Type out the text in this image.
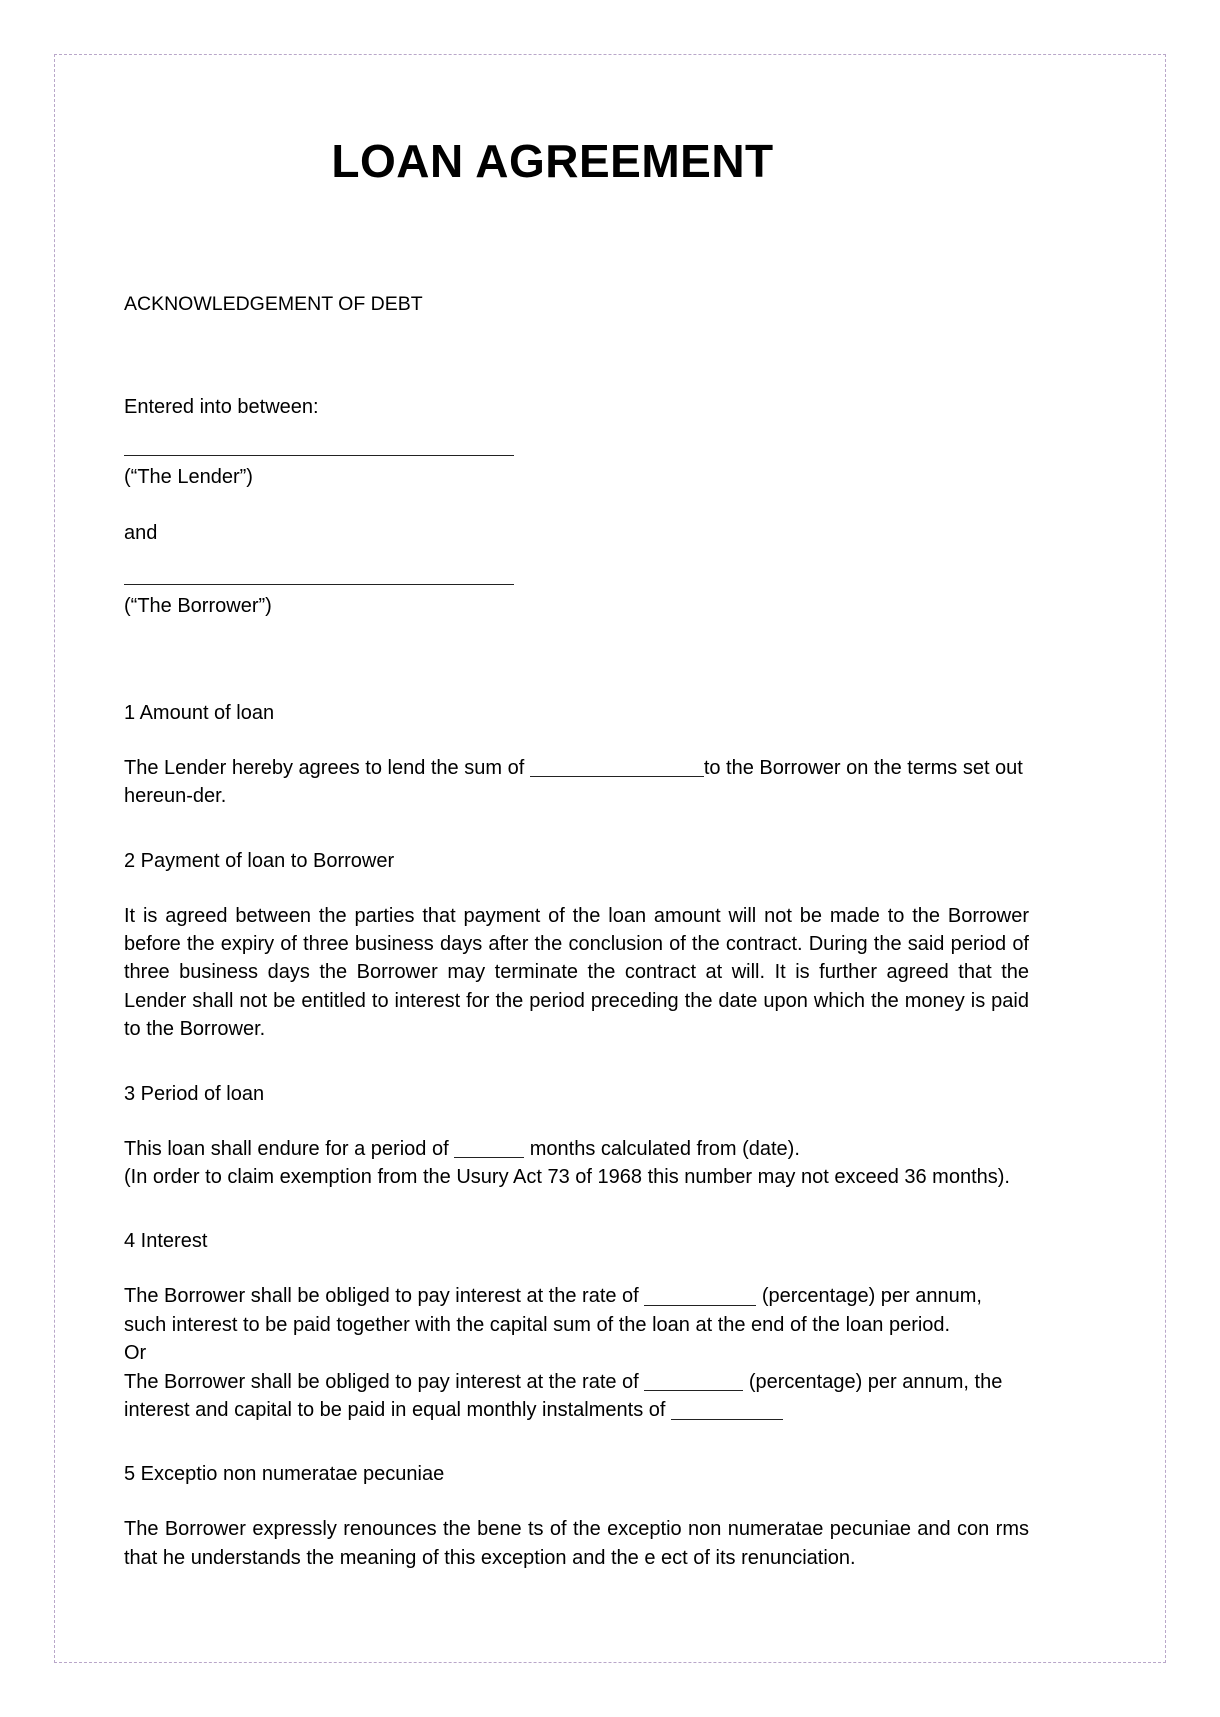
LOAN AGREEMENT
ACKNOWLEDGEMENT OF DEBT
Entered into between:
(“The Lender”)
and
(“The Borrower”)
1 Amount of loan

The Lender hereby agrees to lend the sum of	to the Borrower on the terms set out hereun-der.

2 Payment of loan to Borrower

It is agreed between the parties that payment of the loan amount will not be made to the Borrower before the expiry of three business days after the conclusion of the contract. During the said period of three business days the Borrower may terminate the contract at will. It is further agreed that the Lender shall not be entitled to interest for the period preceding the date upon which the money is paid to the Borrower.

3 Period of loan

This loan shall endure for a period of	months calculated from (date).
(In order to claim exemption from the Usury Act 73 of 1968 this number may not exceed 36 months).

4 Interest

The Borrower shall be obliged to pay interest at the rate of	(percentage) per annum, such interest to be paid together with the capital sum of the loan at the end of the loan period.
Or
The Borrower shall be obliged to pay interest at the rate of	(percentage) per annum, the interest and capital to be paid in equal monthly instalments of

5 Exceptio non numeratae pecuniae

The Borrower expressly renounces the bene ts of the exceptio non numeratae pecuniae and con rms that he understands the meaning of this exception and the e ect of its renunciation.
